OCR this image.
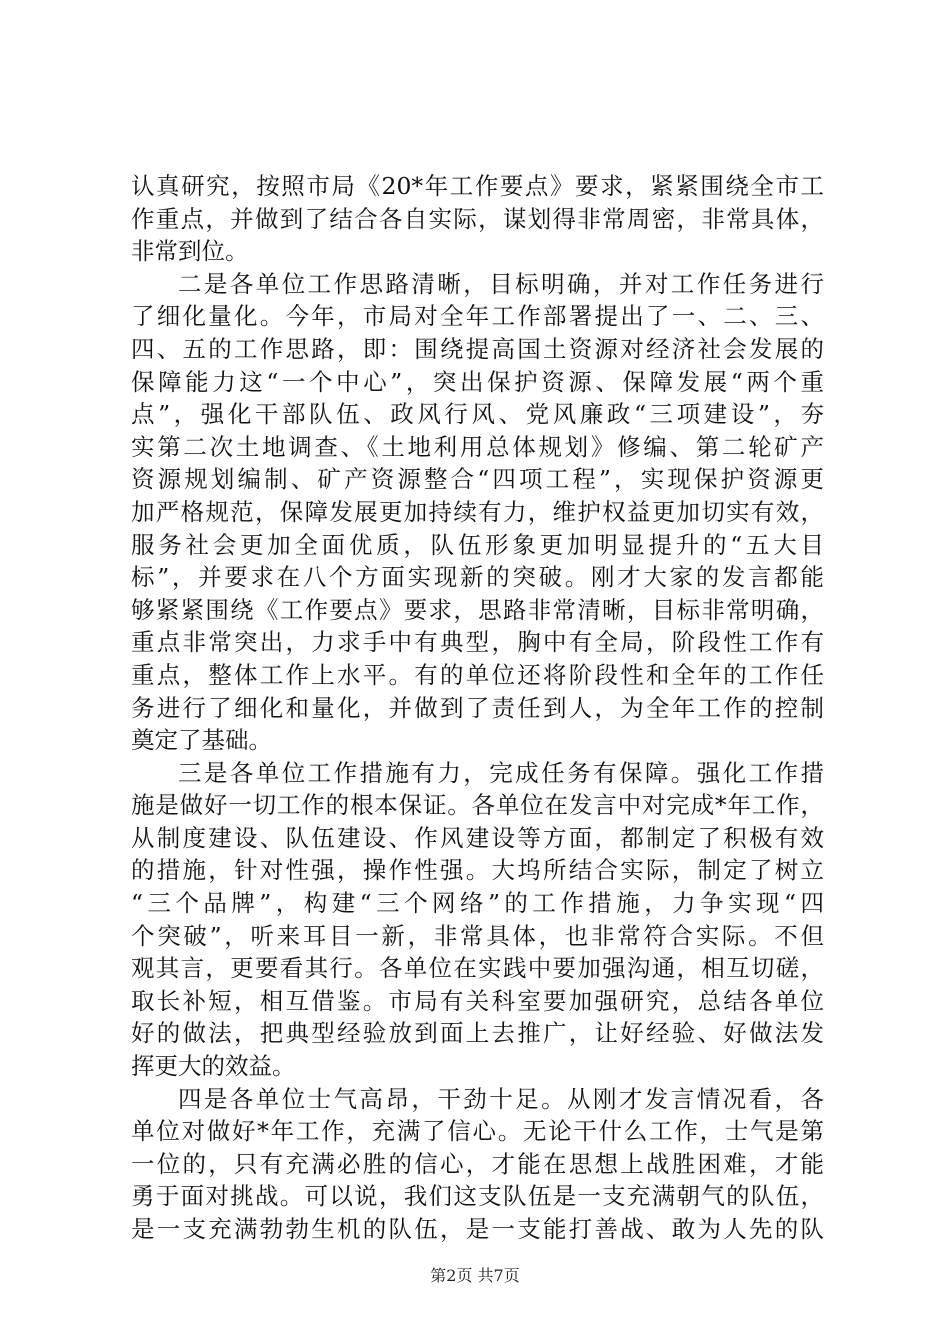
认真研究，按照市局《20*年工作要点》要求，紧紧围绕全市工
作重点，并做到了结合各自实际，谋划得非常周密，非常具体，
非常到位。
二是各单位工作思路清晰，目标明确，并对工作任务进行
了细化量化。今年，市局对全年工作部署提出了一、二、三、
四、五的工作思路，即：围绕提高国土资源对经济社会发展的
保障能力这“一个中心”，突出保护资源、保障发展“两个重
点”，强化干部队伍、政风行风、党风廉政“三项建设”，夯
实第二次土地调查、《土地利用总体规划》修编、第二轮矿产
资源规划编制、矿产资源整合“四项工程”，实现保护资源更
加严格规范，保障发展更加持续有力，维护权益更加切实有效，
服务社会更加全面优质，队伍形象更加明显提升的“五大目
标”，并要求在八个方面实现新的突破。刚才大家的发言都能
够紧紧围绕《工作要点》要求，思路非常清晰，目标非常明确，
重点非常突出，力求手中有典型，胸中有全局，阶段性工作有
重点，整体工作上水平。有的单位还将阶段性和全年的工作任
务进行了细化和量化，并做到了责任到人，为全年工作的控制
奠定了基础。
三是各单位工作措施有力，完成任务有保障。强化工作措
施是做好一切工作的根本保证。各单位在发言中对完成*年工作，
从制度建设、队伍建设、作风建设等方面，都制定了积极有效
的措施，针对性强，操作性强。大坞所结合实际，制定了树立
“三个品牌”，构建“三个网络”的工作措施，力争实现“四
个突破”，听来耳目一新，非常具体，也非常符合实际。不但
观其言，更要看其行。各单位在实践中要加强沟通，相互切磋，
取长补短，相互借鉴。市局有关科室要加强研究，总结各单位
好的做法，把典型经验放到面上去推广，让好经验、好做法发
挥更大的效益。
四是各单位士气高昂，干劲十足。从刚才发言情况看，各
单位对做好*年工作，充满了信心。无论干什么工作，士气是第
一位的，只有充满必胜的信心，才能在思想上战胜困难，才能
勇于面对挑战。可以说，我们这支队伍是一支充满朝气的队伍，
是一支充满勃勃生机的队伍，是一支能打善战、敢为人先的队
第2页 共7页
